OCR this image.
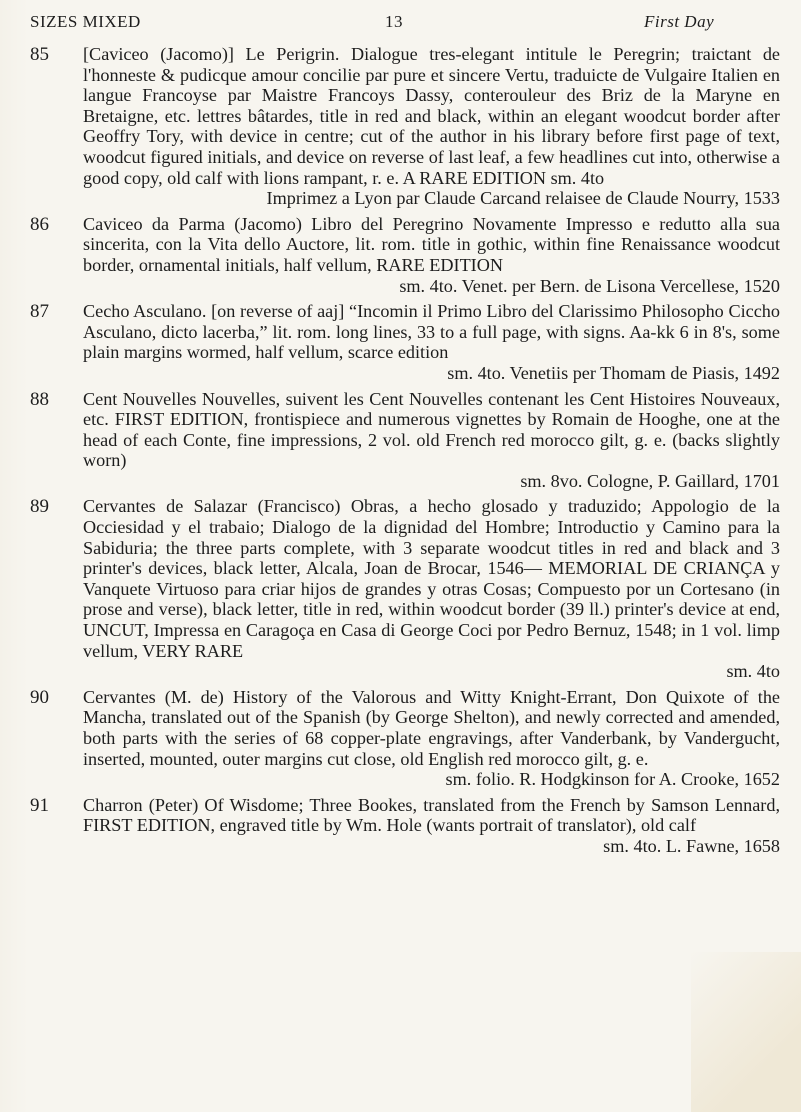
SIZES MIXED	13	First Day
85 [Caviceo (Jacomo)] Le Perigrin. Dialogue tres-elegant intitule le Peregrin; traictant de l'honneste & pudicque amour concilie par pure et sincere Vertu, traduicte de Vulgaire Italien en langue Francoyse par Maistre Francoys Dassy, conterouleur des Briz de la Maryne en Bretaigne, etc. lettres bâtardes, title in red and black, within an elegant woodcut border after Geoffry Tory, with device in centre; cut of the author in his library before first page of text, woodcut figured initials, and device on reverse of last leaf, a few headlines cut into, otherwise a good copy, old calf with lions rampant, r. e. A RARE EDITION sm. 4to
Imprimez a Lyon par Claude Carcand relaisee de Claude Nourry, 1533
86 Caviceo da Parma (Jacomo) Libro del Peregrino Novamente Impresso e redutto alla sua sincerita, con la Vita dello Auctore, lit. rom. title in gothic, within fine Renaissance woodcut border, ornamental initials, half vellum, RARE EDITION
sm. 4to. Venet. per Bern. de Lisona Vercellese, 1520
87 Cecho Asculano. [on reverse of aaj] “Incomin il Primo Libro del Clarissimo Philosopho Ciccho Asculano, dicto lacerba,” lit. rom. long lines, 33 to a full page, with signs. Aa-kk 6 in 8's, some plain margins wormed, half vellum, scarce edition
sm. 4to. Venetiis per Thomam de Piasis, 1492
88 Cent Nouvelles Nouvelles, suivent les Cent Nouvelles contenant les Cent Histoires Nouveaux, etc. FIRST EDITION, frontispiece and numerous vignettes by Romain de Hooghe, one at the head of each Conte, fine impressions, 2 vol. old French red morocco gilt, g. e. (backs slightly worn)
sm. 8vo. Cologne, P. Gaillard, 1701
89 Cervantes de Salazar (Francisco) Obras, a hecho glosado y traduzido; Appologio de la Occiesidad y el trabaio; Dialogo de la dignidad del Hombre; Introductio y Camino para la Sabiduria; the three parts complete, with 3 separate woodcut titles in red and black and 3 printer's devices, black letter, Alcala, Joan de Brocar, 1546— MEMORIAL DE CRIANÇA y Vanquete Virtuoso para criar hijos de grandes y otras Cosas; Compuesto por un Cortesano (in prose and verse), black letter, title in red, within woodcut border (39 ll.) printer's device at end, UNCUT, Impressa en Caragoça en Casa di George Coci por Pedro Bernuz, 1548; in 1 vol. limp vellum, VERY RARE
sm. 4to
90 Cervantes (M. de) History of the Valorous and Witty Knight-Errant, Don Quixote of the Mancha, translated out of the Spanish (by George Shelton), and newly corrected and amended, both parts with the series of 68 copper-plate engravings, after Vanderbank, by Vandergucht, inserted, mounted, outer margins cut close, old English red morocco gilt, g. e.
sm. folio. R. Hodgkinson for A. Crooke, 1652
91 Charron (Peter) Of Wisdome; Three Bookes, translated from the French by Samson Lennard, FIRST EDITION, engraved title by Wm. Hole (wants portrait of translator), old calf
sm. 4to. L. Fawne, 1658
